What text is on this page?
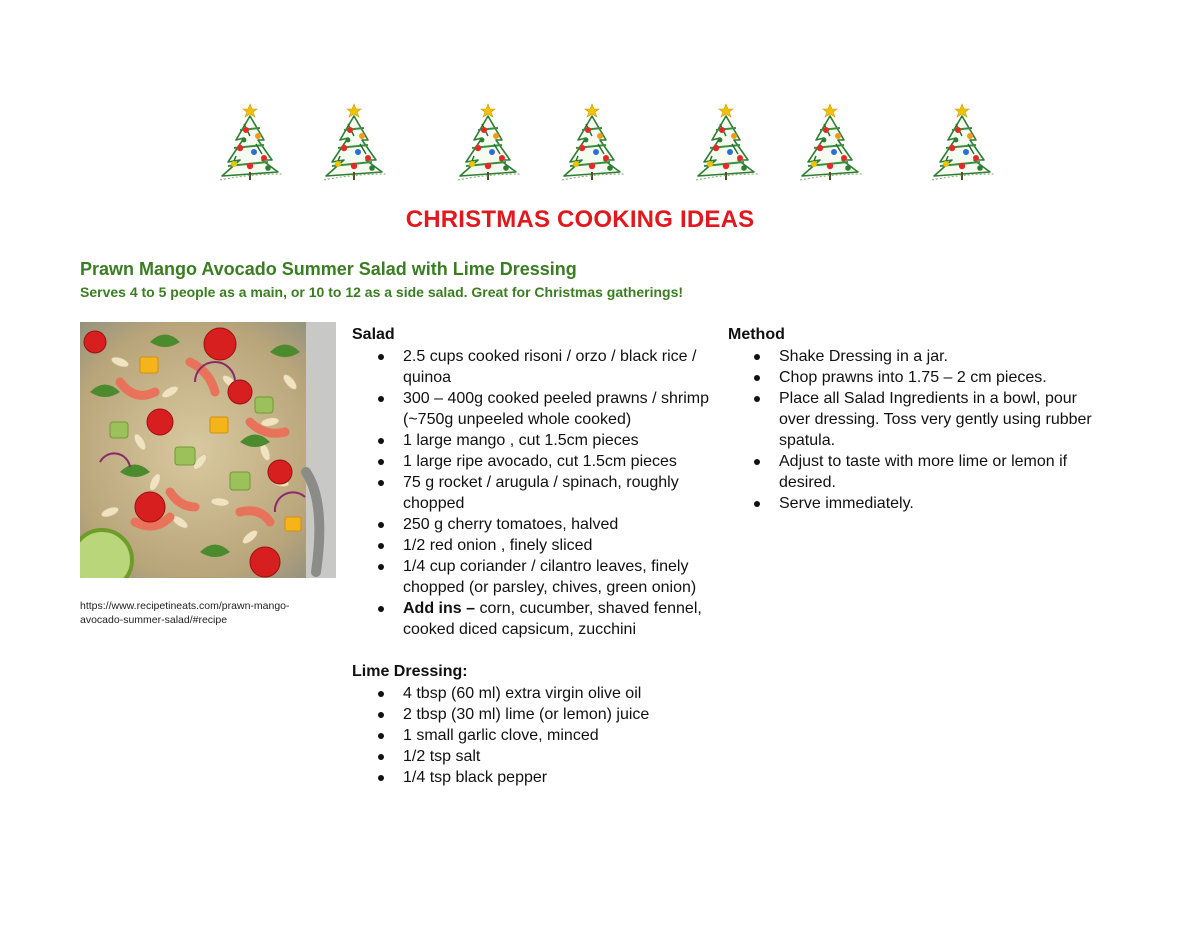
CHRISTMAS COOKING IDEAS
Prawn Mango Avocado Summer Salad with Lime Dressing

Serves 4 to 5 people as a main, or 10 to 12 as a side salad. Great for Christmas gatherings!

https://www.recipetineats.com/prawn-mango-avocado-summer-salad/#recipe

Salad

2.5 cups cooked risoni / orzo / black rice / quinoa
300 – 400g cooked peeled prawns / shrimp (~750g unpeeled whole cooked)
1 large mango , cut 1.5cm pieces
1 large ripe avocado, cut 1.5cm pieces
75 g rocket / arugula / spinach, roughly chopped
250 g cherry tomatoes, halved
1/2 red onion , finely sliced
1/4 cup coriander / cilantro leaves, finely chopped (or parsley, chives, green onion)
Add ins – corn, cucumber, shaved fennel, cooked diced capsicum, zucchini

Lime Dressing:

4 tbsp (60 ml) extra virgin olive oil
2 tbsp (30 ml) lime (or lemon) juice
1 small garlic clove, minced
1/2 tsp salt
1/4 tsp black pepper

Method

Shake Dressing in a jar.
Chop prawns into 1.75 – 2 cm pieces.
Place all Salad Ingredients in a bowl, pour over dressing. Toss very gently using rubber spatula.
Adjust to taste with more lime or lemon if desired.
Serve immediately.
